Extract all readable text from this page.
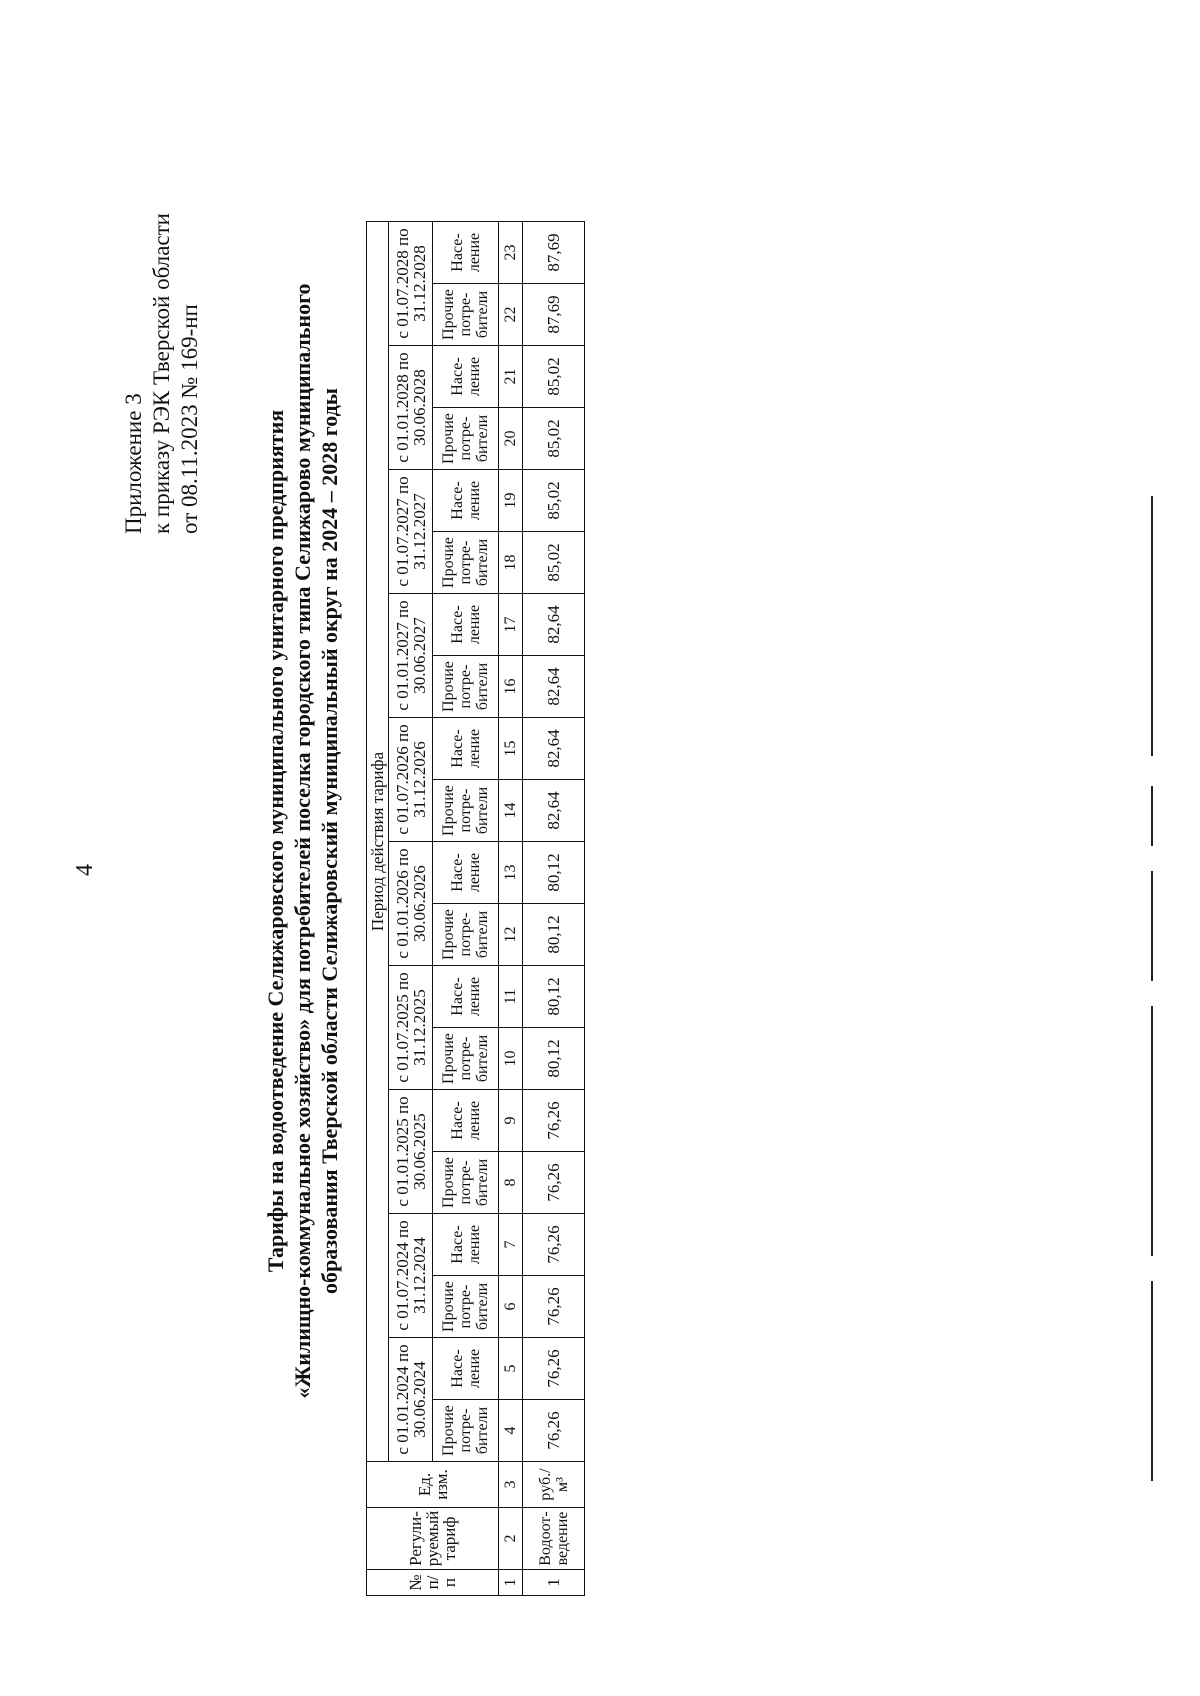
4
Приложение 3 к приказу РЭК Тверской области от 08.11.2023 № 169-нп	Тарифы на водоотведение Селижаровского муниципального унитарного предприятия «Жилищно-коммунальное хозяйство» для потребителей поселка городского типа Селижарово муниципального образования Тверской области Селижаровский муниципальный округ на 2024 – 2028 годы
№ п/п	Регули-руемый тариф	Ед. изм.	Период действия тарифа																			
			с 01.01.2024 по 30.06.2024		с 01.07.2024 по 31.12.2024		с 01.01.2025 по 30.06.2025		с 01.07.2025 по 31.12.2025		с 01.01.2026 по 30.06.2026		с 01.07.2026 по 31.12.2026		с 01.01.2027 по 30.06.2027		с 01.07.2027 по 31.12.2027		с 01.01.2028 по 30.06.2028		с 01.07.2028 по 31.12.2028	
			Прочие потре-бители	Насе-ление	Прочие потре-бители	Насе-ление	Прочие потре-бители	Насе-ление	Прочие потре-бители	Насе-ление	Прочие потре-бители	Насе-ление	Прочие потре-бители	Насе-ление	Прочие потре-бители	Насе-ление	Прочие потре-бители	Насе-ление	Прочие потре-бители	Насе-ление	Прочие потре-бители	Насе-ление
1	2	3	4	5	6	7	8	9	10	11	12	13	14	15	16	17	18	19	20	21	22	23
1	Водоот-ведение	руб./м³	76,26	76,26	76,26	76,26	76,26	76,26	80,12	80,12	80,12	80,12	82,64	82,64	82,64	82,64	85,02	85,02	85,02	85,02	87,69	87,69
